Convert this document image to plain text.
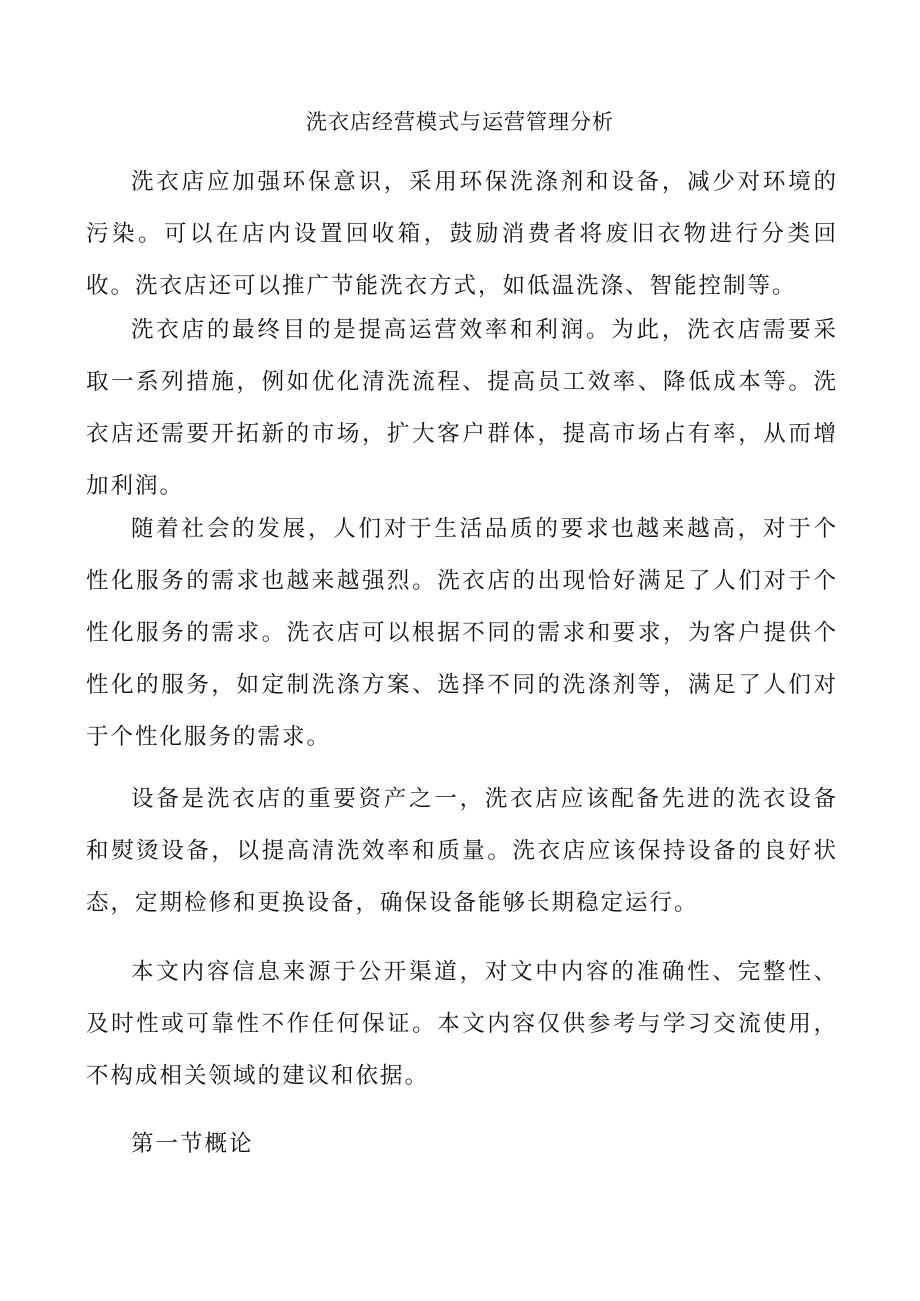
洗衣店经营模式与运营管理分析

洗衣店应加强环保意识，采用环保洗涤剂和设备，减少对环境的污染。可以在店内设置回收箱，鼓励消费者将废旧衣物进行分类回收。洗衣店还可以推广节能洗衣方式，如低温洗涤、智能控制等。

洗衣店的最终目的是提高运营效率和利润。为此，洗衣店需要采取一系列措施，例如优化清洗流程、提高员工效率、降低成本等。洗衣店还需要开拓新的市场，扩大客户群体，提高市场占有率，从而增加利润。

随着社会的发展，人们对于生活品质的要求也越来越高，对于个性化服务的需求也越来越强烈。洗衣店的出现恰好满足了人们对于个性化服务的需求。洗衣店可以根据不同的需求和要求，为客户提供个性化的服务，如定制洗涤方案、选择不同的洗涤剂等，满足了人们对于个性化服务的需求。

设备是洗衣店的重要资产之一，洗衣店应该配备先进的洗衣设备和熨烫设备，以提高清洗效率和质量。洗衣店应该保持设备的良好状态，定期检修和更换设备，确保设备能够长期稳定运行。

本文内容信息来源于公开渠道，对文中内容的准确性、完整性、及时性或可靠性不作任何保证。本文内容仅供参考与学习交流使用，不构成相关领域的建议和依据。

第一节概论
